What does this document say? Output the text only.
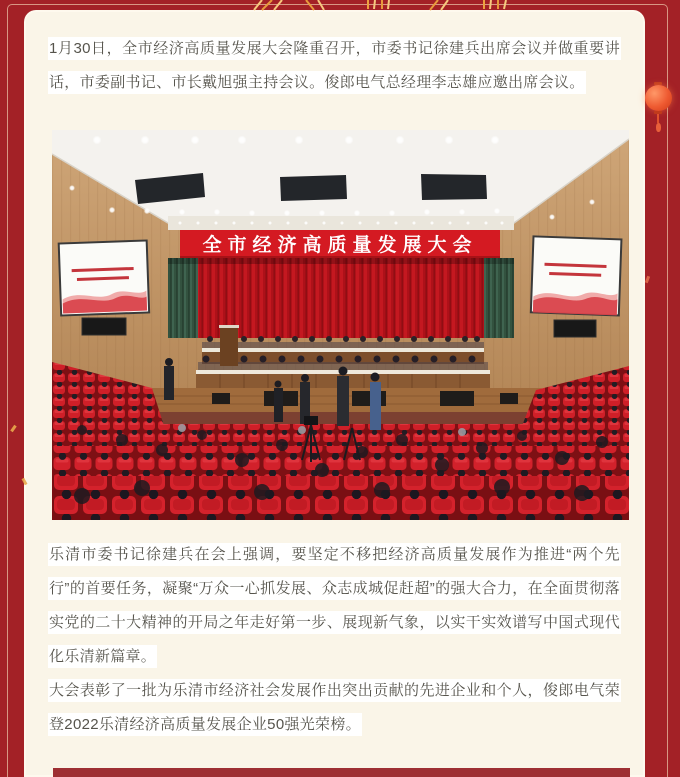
1月30日，全市经济高质量发展大会隆重召开，市委书记徐建兵出席会议并做重要讲话，市委副书记、市长戴旭强主持会议。俊郎电气总经理李志雄应邀出席会议。

全市经济高质量发展大会

乐清市委书记徐建兵在会上强调，要坚定不移把经济高质量发展作为推进“两个先行”的首要任务，凝聚“万众一心抓发展、众志成城促赶超”的强大合力，在全面贯彻落实党的二十大精神的开局之年走好第一步、展现新气象，以实干实效谱写中国式现代化乐清新篇章。

大会表彰了一批为乐清市经济社会发展作出突出贡献的先进企业和个人，俊郎电气荣登2022乐清经济高质量发展企业50强光荣榜。
